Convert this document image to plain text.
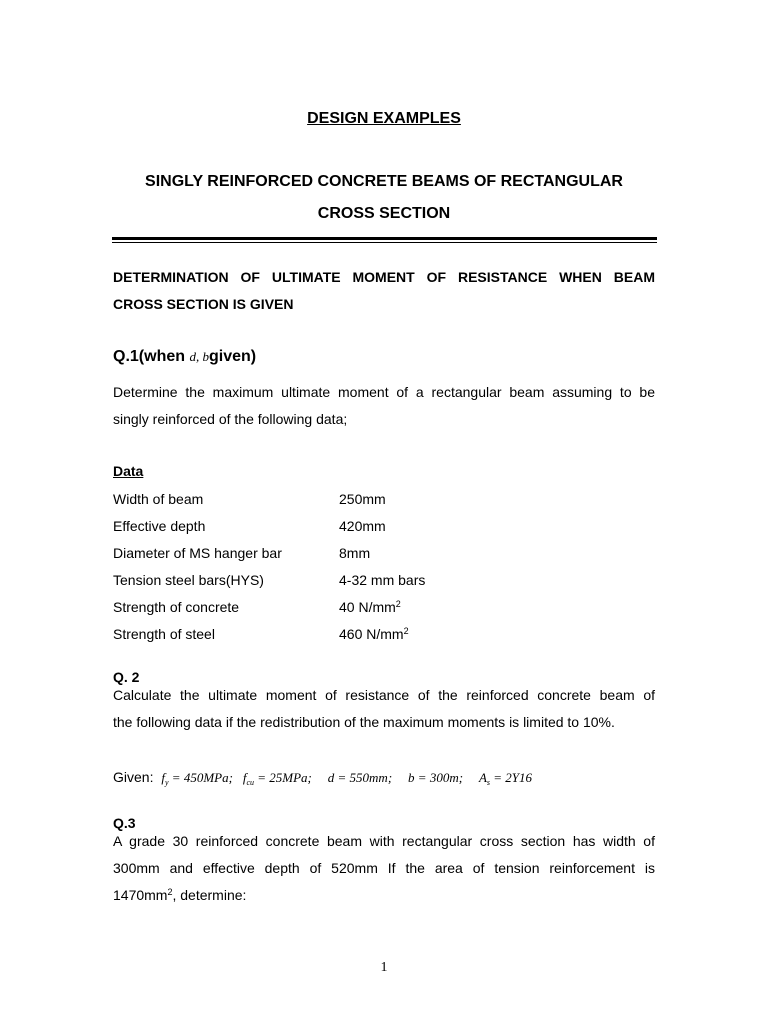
DESIGN EXAMPLES
SINGLY REINFORCED CONCRETE BEAMS OF RECTANGULAR
CROSS SECTION
DETERMINATION OF ULTIMATE MOMENT OF RESISTANCE WHEN BEAM
CROSS SECTION IS GIVEN
Q.1(when d, bgiven)
Determine the maximum ultimate moment of a rectangular beam assuming to be
singly reinforced of the following data;
Data
Width of beam	250mm
Effective depth	420mm
Diameter of MS hanger bar	8mm
Tension steel bars(HYS)	4-32 mm bars
Strength of concrete	40 $N/mm^2$
Strength of steel	460 $N/mm^2$
Q. 2
Calculate the ultimate moment of resistance of the reinforced concrete beam of
the following data if the redistribution of the maximum moments is limited to 10%.
Given: $f_y = 450MPa$; $f_{cu} = 25MPa$; d = 550mm; b = 300m; $A_s = 2Y16$
Q.3
A grade 30 reinforced concrete beam with rectangular cross section has width of
300mm and effective depth of 520mm If the area of tension reinforcement is
$1470mm^2$, determine:
1
